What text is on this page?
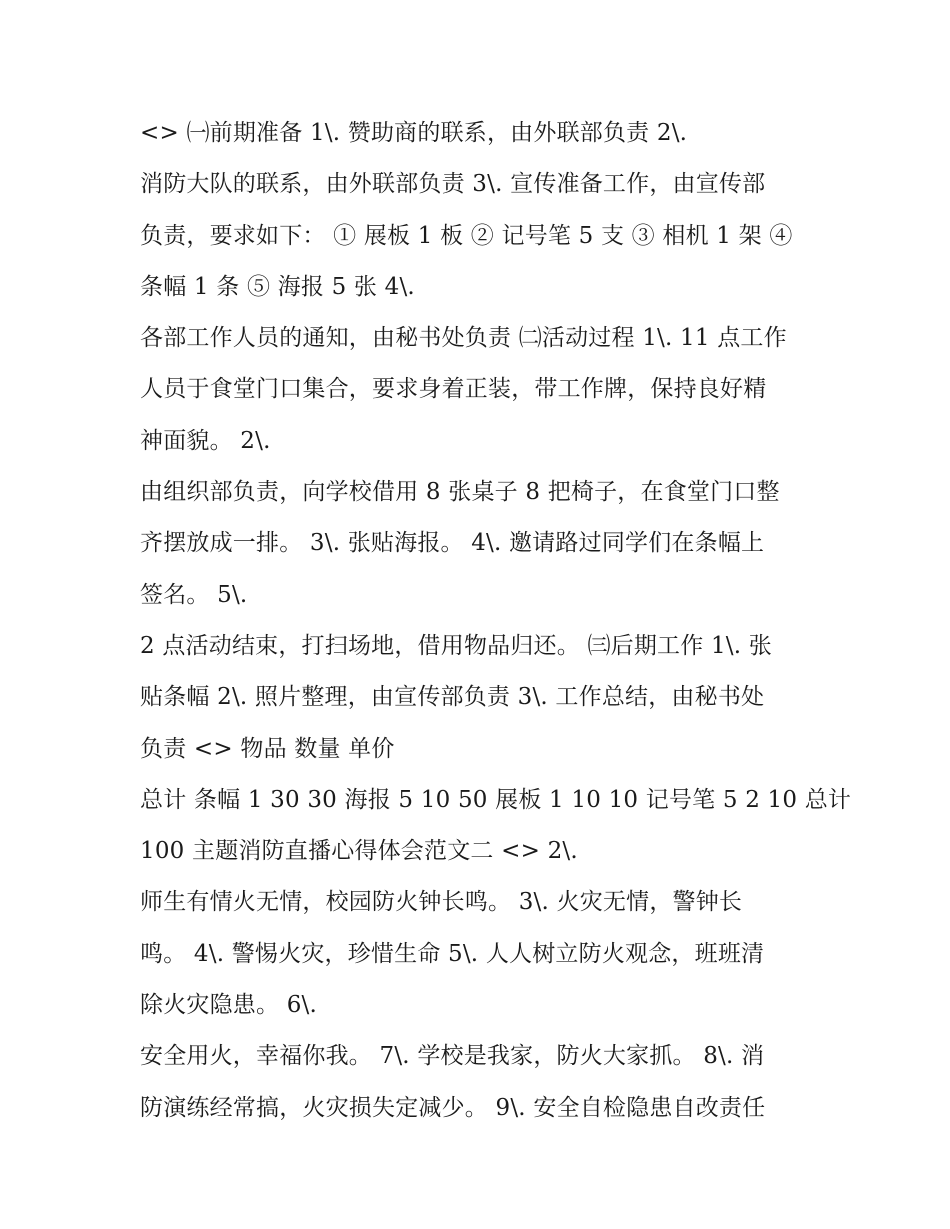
<> ㈠前期准备 1\. 赞助商的联系，由外联部负责 2\.
消防大队的联系，由外联部负责 3\. 宣传准备工作，由宣传部
负责，要求如下： ① 展板 1 板 ② 记号笔 5 支 ③ 相机 1 架 ④
条幅 1 条 ⑤ 海报 5 张 4\.
各部工作人员的通知，由秘书处负责 ㈡活动过程 1\. 11 点工作
人员于食堂门口集合，要求身着正装，带工作牌，保持良好精
神面貌。 2\.
由组织部负责，向学校借用 8 张桌子 8 把椅子，在食堂门口整
齐摆放成一排。 3\. 张贴海报。 4\. 邀请路过同学们在条幅上
签名。 5\.
2 点活动结束，打扫场地，借用物品归还。 ㈢后期工作 1\. 张
贴条幅 2\. 照片整理，由宣传部负责 3\. 工作总结，由秘书处
负责 <> 物品 数量 单价
总计 条幅 1 30 30 海报 5 10 50 展板 1 10 10 记号笔 5 2 10 总计
100 主题消防直播心得体会范文二 <> 2\.
师生有情火无情，校园防火钟长鸣。 3\. 火灾无情，警钟长
鸣。 4\. 警惕火灾，珍惜生命 5\. 人人树立防火观念，班班清
除火灾隐患。 6\.
安全用火，幸福你我。 7\. 学校是我家，防火大家抓。 8\. 消
防演练经常搞，火灾损失定减少。 9\. 安全自检隐患自改责任
